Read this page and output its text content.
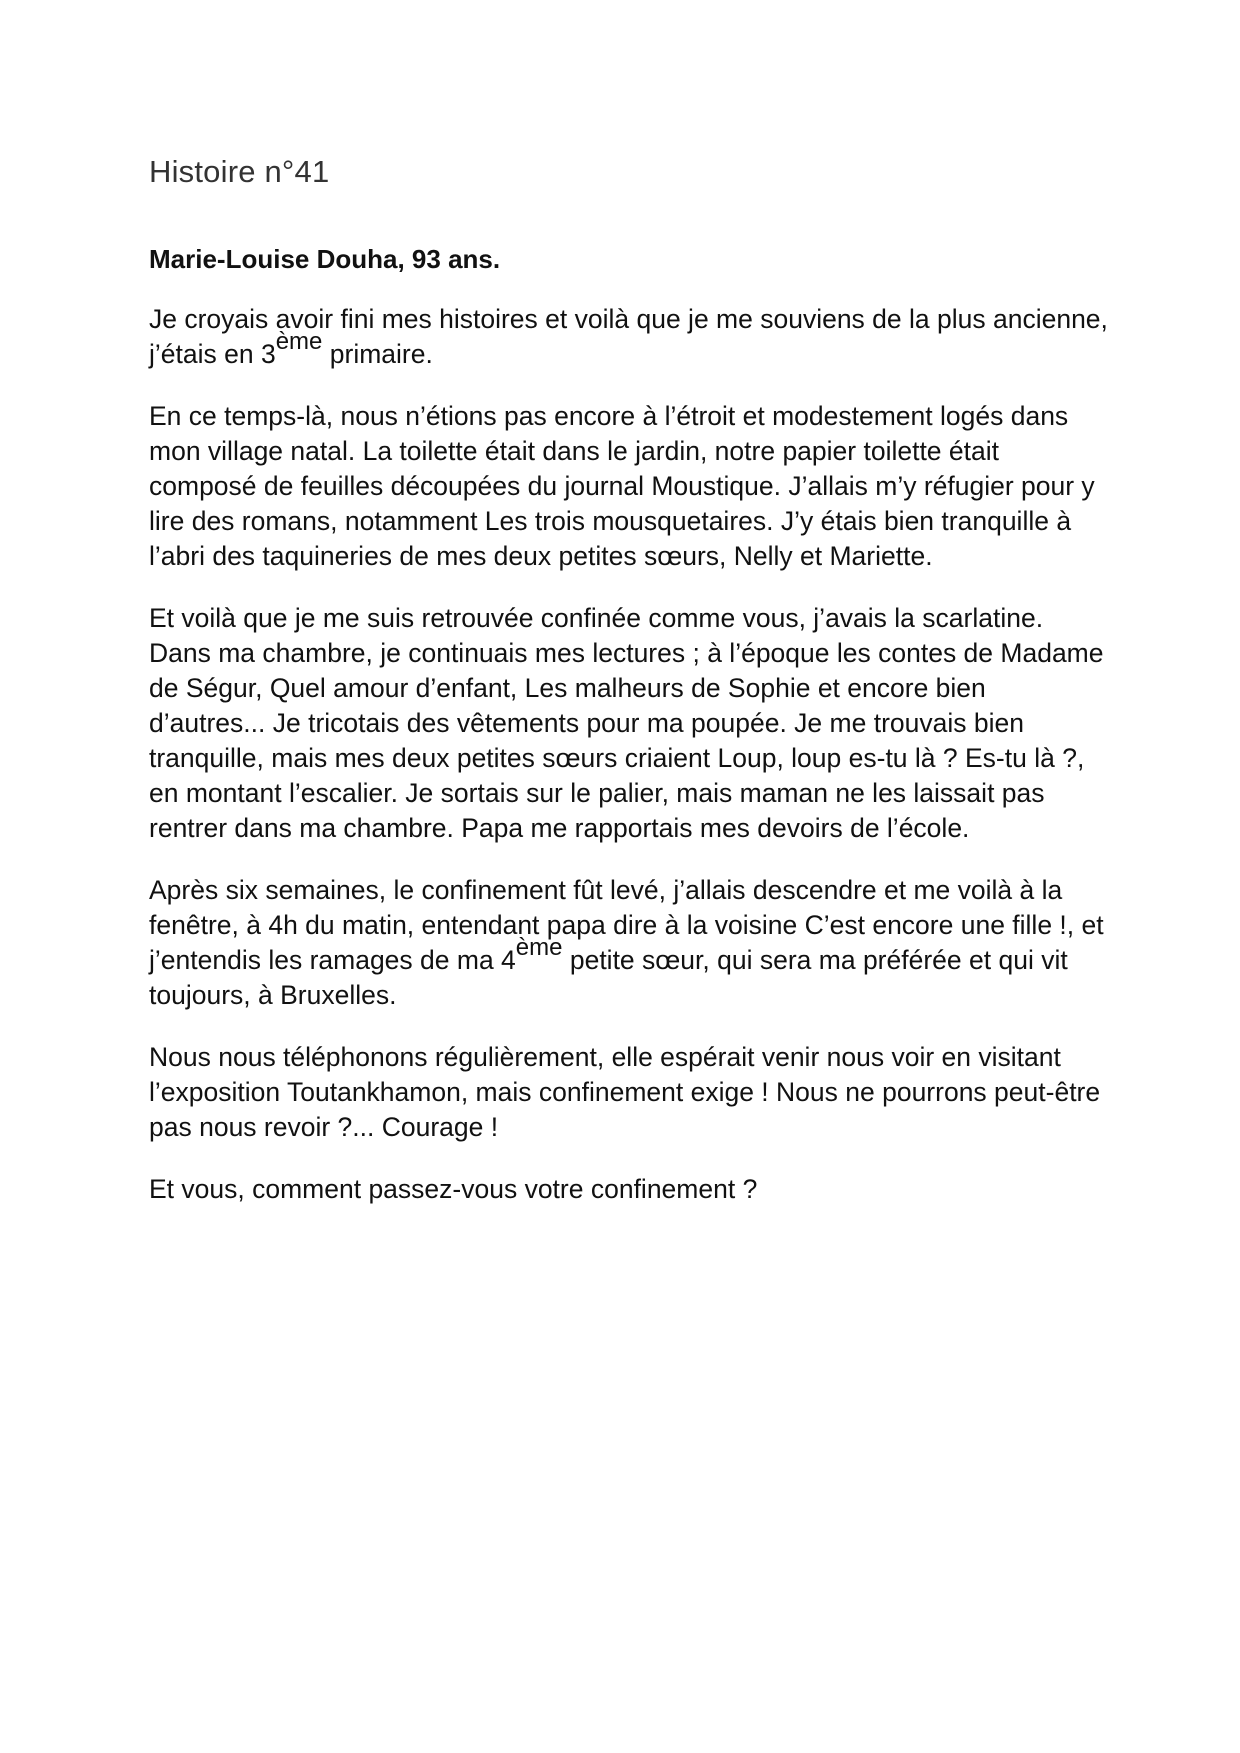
Histoire n°41

Marie-Louise Douha, 93 ans.

Je croyais avoir fini mes histoires et voilà que je me souviens de la plus ancienne, j’étais en 3ème primaire.

En ce temps-là, nous n’étions pas encore à l’étroit et modestement logés dans mon village natal. La toilette était dans le jardin, notre papier toilette était composé de feuilles découpées du journal Moustique. J’allais m’y réfugier pour y lire des romans, notamment Les trois mousquetaires. J’y étais bien tranquille à l’abri des taquineries de mes deux petites sœurs, Nelly et Mariette.

Et voilà que je me suis retrouvée confinée comme vous, j’avais la scarlatine. Dans ma chambre, je continuais mes lectures ; à l’époque les contes de Madame de Ségur, Quel amour d’enfant, Les malheurs de Sophie et encore bien d’autres... Je tricotais des vêtements pour ma poupée. Je me trouvais bien tranquille, mais mes deux petites sœurs criaient Loup, loup es-tu là ? Es-tu là ?, en montant l’escalier. Je sortais sur le palier, mais maman ne les laissait pas rentrer dans ma chambre. Papa me rapportais mes devoirs de l’école.

Après six semaines, le confinement fût levé, j’allais descendre et me voilà à la fenêtre, à 4h du matin, entendant papa dire à la voisine C’est encore une fille !, et j’entendis les ramages de ma 4ème petite sœur, qui sera ma préférée et qui vit toujours, à Bruxelles.

Nous nous téléphonons régulièrement, elle espérait venir nous voir en visitant l’exposition Toutankhamon, mais confinement exige ! Nous ne pourrons peut-être pas nous revoir ?... Courage !

Et vous, comment passez-vous votre confinement ?
